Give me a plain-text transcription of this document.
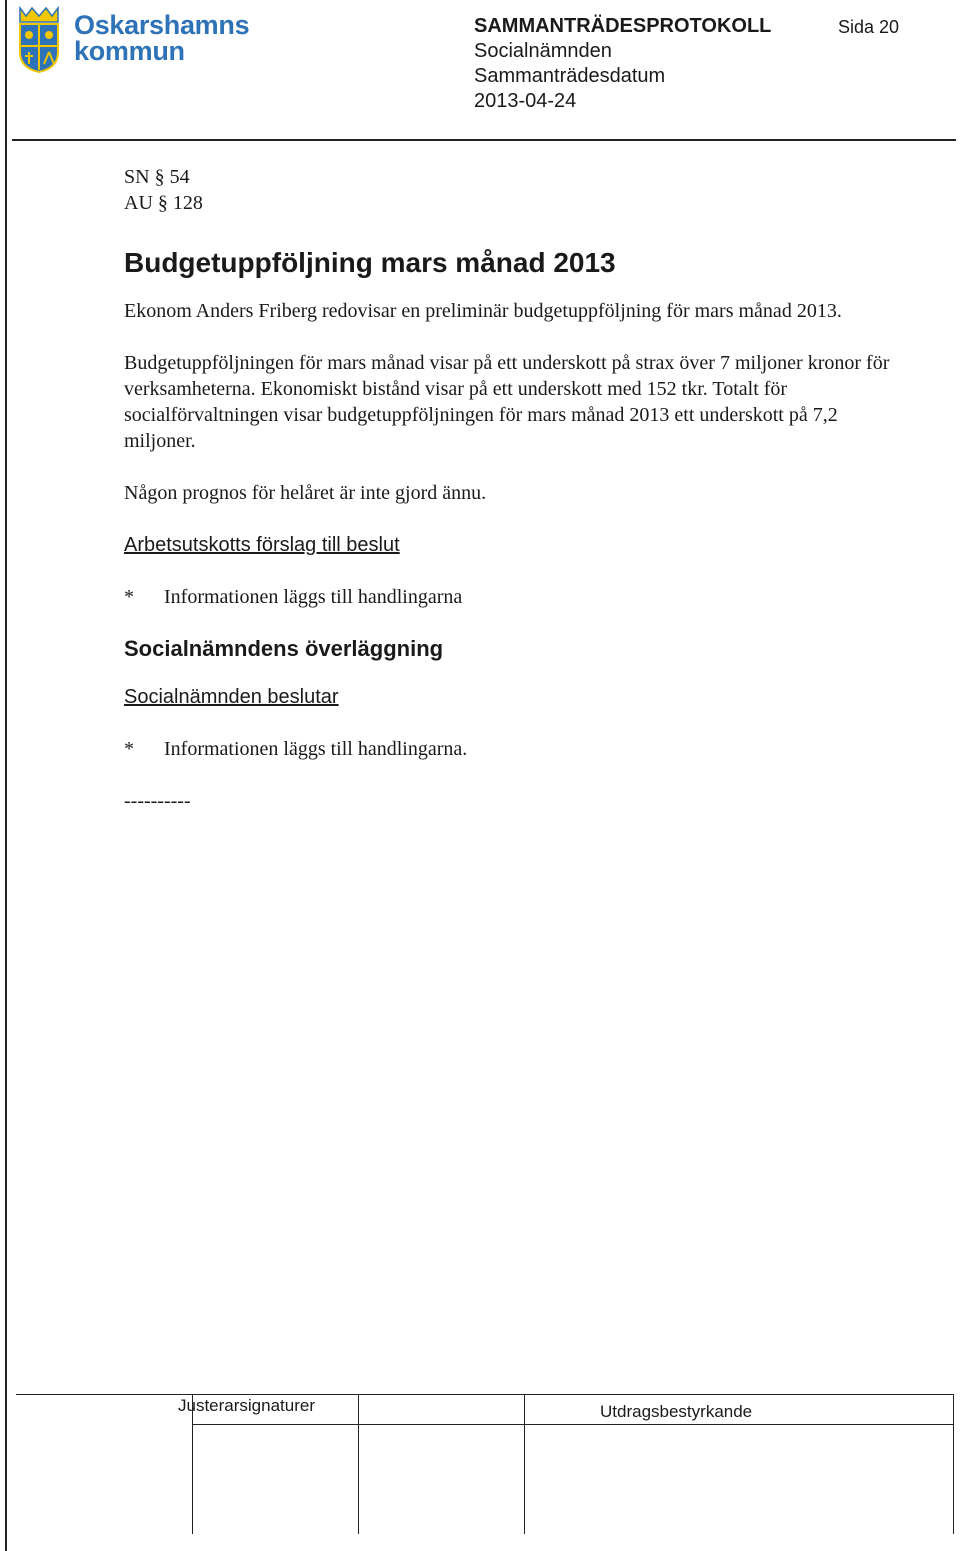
Oskarshamns
kommun
SAMMANTRÄDESPROTOKOLL
Socialnämnden
Sammanträdesdatum
2013-04-24
Sida 20
SN § 54
AU § 128
Budgetuppföljning mars månad 2013

Ekonom Anders Friberg redovisar en preliminär budgetuppföljning för mars månad 2013.

Budgetuppföljningen för mars månad visar på ett underskott på strax över 7 miljoner kronor för verksamheterna. Ekonomiskt bistånd visar på ett underskott med 152 tkr. Totalt för socialförvaltningen visar budgetuppföljningen för mars månad 2013 ett underskott på 7,2 miljoner.

Någon prognos för helåret är inte gjord ännu.

Arbetsutskotts förslag till beslut
*	Informationen läggs till handlingarna
Socialnämndens överläggning
Socialnämnden beslutar
*	Informationen läggs till handlingarna.
----------
Justerarsignaturer	Utdragsbestyrkande
